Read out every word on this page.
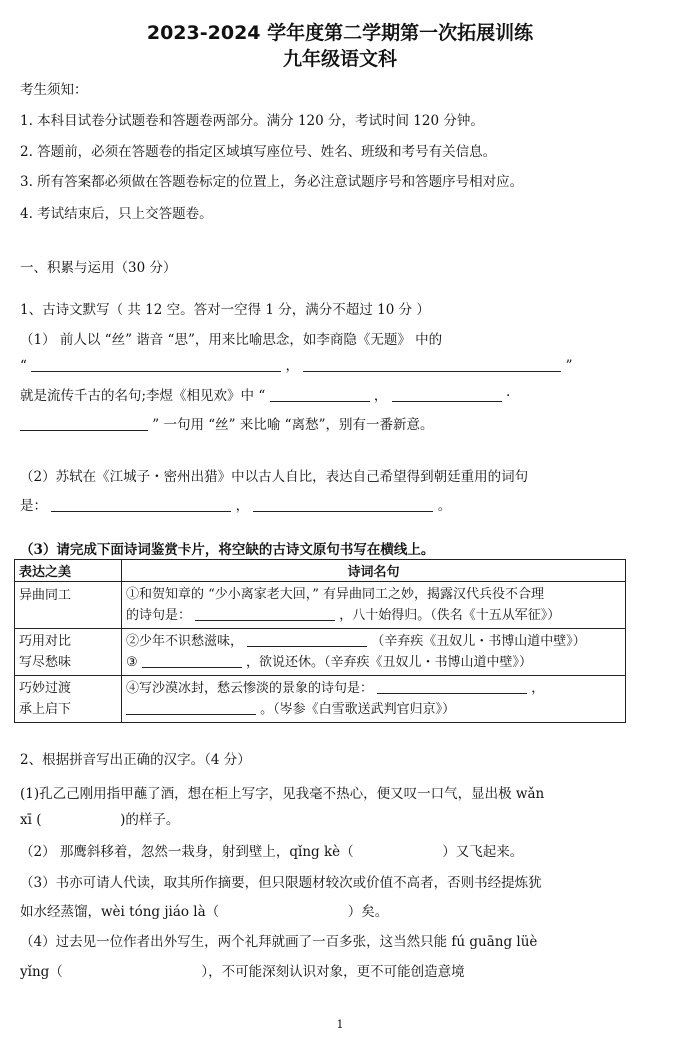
2023-2024 学年度第二学期第一次拓展训练
九年级语文科
考生须知：
1. 本科目试卷分试题卷和答题卷两部分。满分 120 分，考试时间 120 分钟。
2. 答题前，必须在答题卷的指定区域填写座位号、姓名、班级和考号有关信息。
3. 所有答案都必须做在答题卷标定的位置上，务必注意试题序号和答题序号相对应。
4. 考试结束后，只上交答题卷。
一、积累与运用（30 分）
1、古诗文默写（ 共 12 空。答对一空得 1 分，满分不超过 10 分 ）
（1） 前人以 “丝” 谐音 “思”，用来比喻思念，如李商隐《无题》 中的
“	，	”
就是流传千古的名句;李煜《相见欢》中 “	，	·
” 一句用 “丝” 来比喻 “离愁”，别有一番新意。
（2）苏轼在《江城子・密州出猎》中以古人自比，表达自己希望得到朝廷重用的词句
是：	，	。
（3）请完成下面诗词鉴赏卡片，将空缺的古诗文原句书写在横线上。
表达之美	诗词名句
异曲同工	①和贺知章的 “少小离家老大回，” 有异曲同工之妙，揭露汉代兵役不合理
的诗句是： ，八十始得归。（佚名《十五从军征》）

巧用对比
写尽愁味	②少年不识愁滋味， （辛弃疾《丑奴儿・书博山道中壁》）
③ ，欲说还休。（辛弃疾《丑奴儿・书博山道中壁》）

巧妙过渡
承上启下	④写沙漠冰封，愁云惨淡的景象的诗句是： ，
。（岑参《白雪歌送武判官归京》）
2、根据拼音写出正确的汉字。（4 分）
(1)孔乙己刚用指甲蘸了酒，想在柜上写字，见我毫不热心，便又叹一口气，显出极 wǎn
xī (	)的样子。
（2） 那鹰斜移着，忽然一栽身，射到壁上，qǐng kè（	）又飞起来。
（3）书亦可请人代读，取其所作摘要，但只限题材较次或价值不高者，否则书经提炼犹
如水经蒸馏，wèi tóng jiáo là（	）矣。
（4）过去见一位作者出外写生，两个礼拜就画了一百多张，这当然只能 fú guāng lüè
yǐng（	），不可能深刻认识对象，更不可能创造意境
1
